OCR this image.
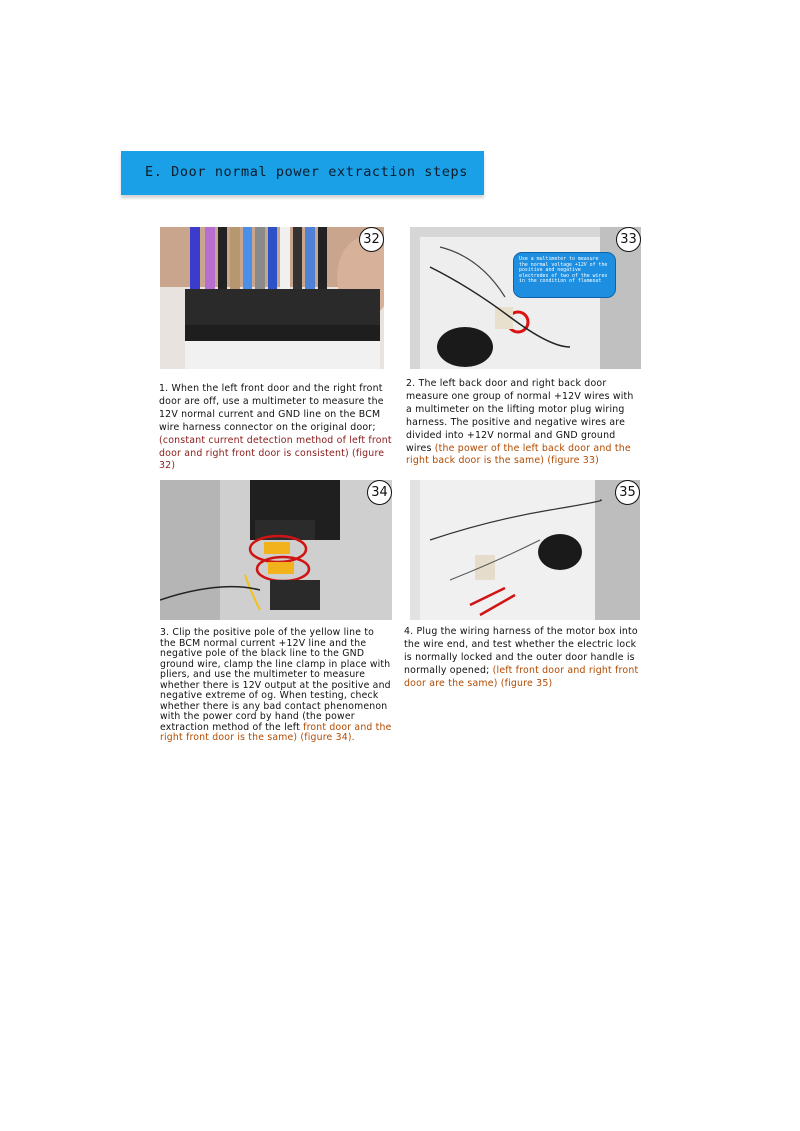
E. Door normal power extraction steps
32
Use a multimeter to measure the normal voltage +12V of the positive and negative electrodes of two of the wires in the condition of flameout
33
1. When the left front door and the right front door are off, use a multimeter to measure the 12V normal current and GND line on the BCM wire harness connector on the original door; (constant current detection method of left front door and right front door is consistent) (figure 32)
2. The left back door and right back door measure one group of normal +12V wires with a multimeter on the lifting motor plug wiring harness. The positive and negative wires are divided into +12V normal and GND ground wires (the power of the left back door and the right back door is the same) (figure 33)
34	35
3. Clip the positive pole of the yellow line to the BCM normal current +12V line and the negative pole of the black line to the GND ground wire, clamp the line clamp in place with pliers, and use the multimeter to measure whether there is 12V output at the positive and negative extreme of og. When testing, check whether there is any bad contact phenomenon with the power cord by hand (the power extraction method of the left front door and the right front door is the same) (figure 34).
4. Plug the wiring harness of the motor box into the wire end, and test whether the electric lock is normally locked and the outer door handle is normally opened; (left front door and right front door are the same) (figure 35)
